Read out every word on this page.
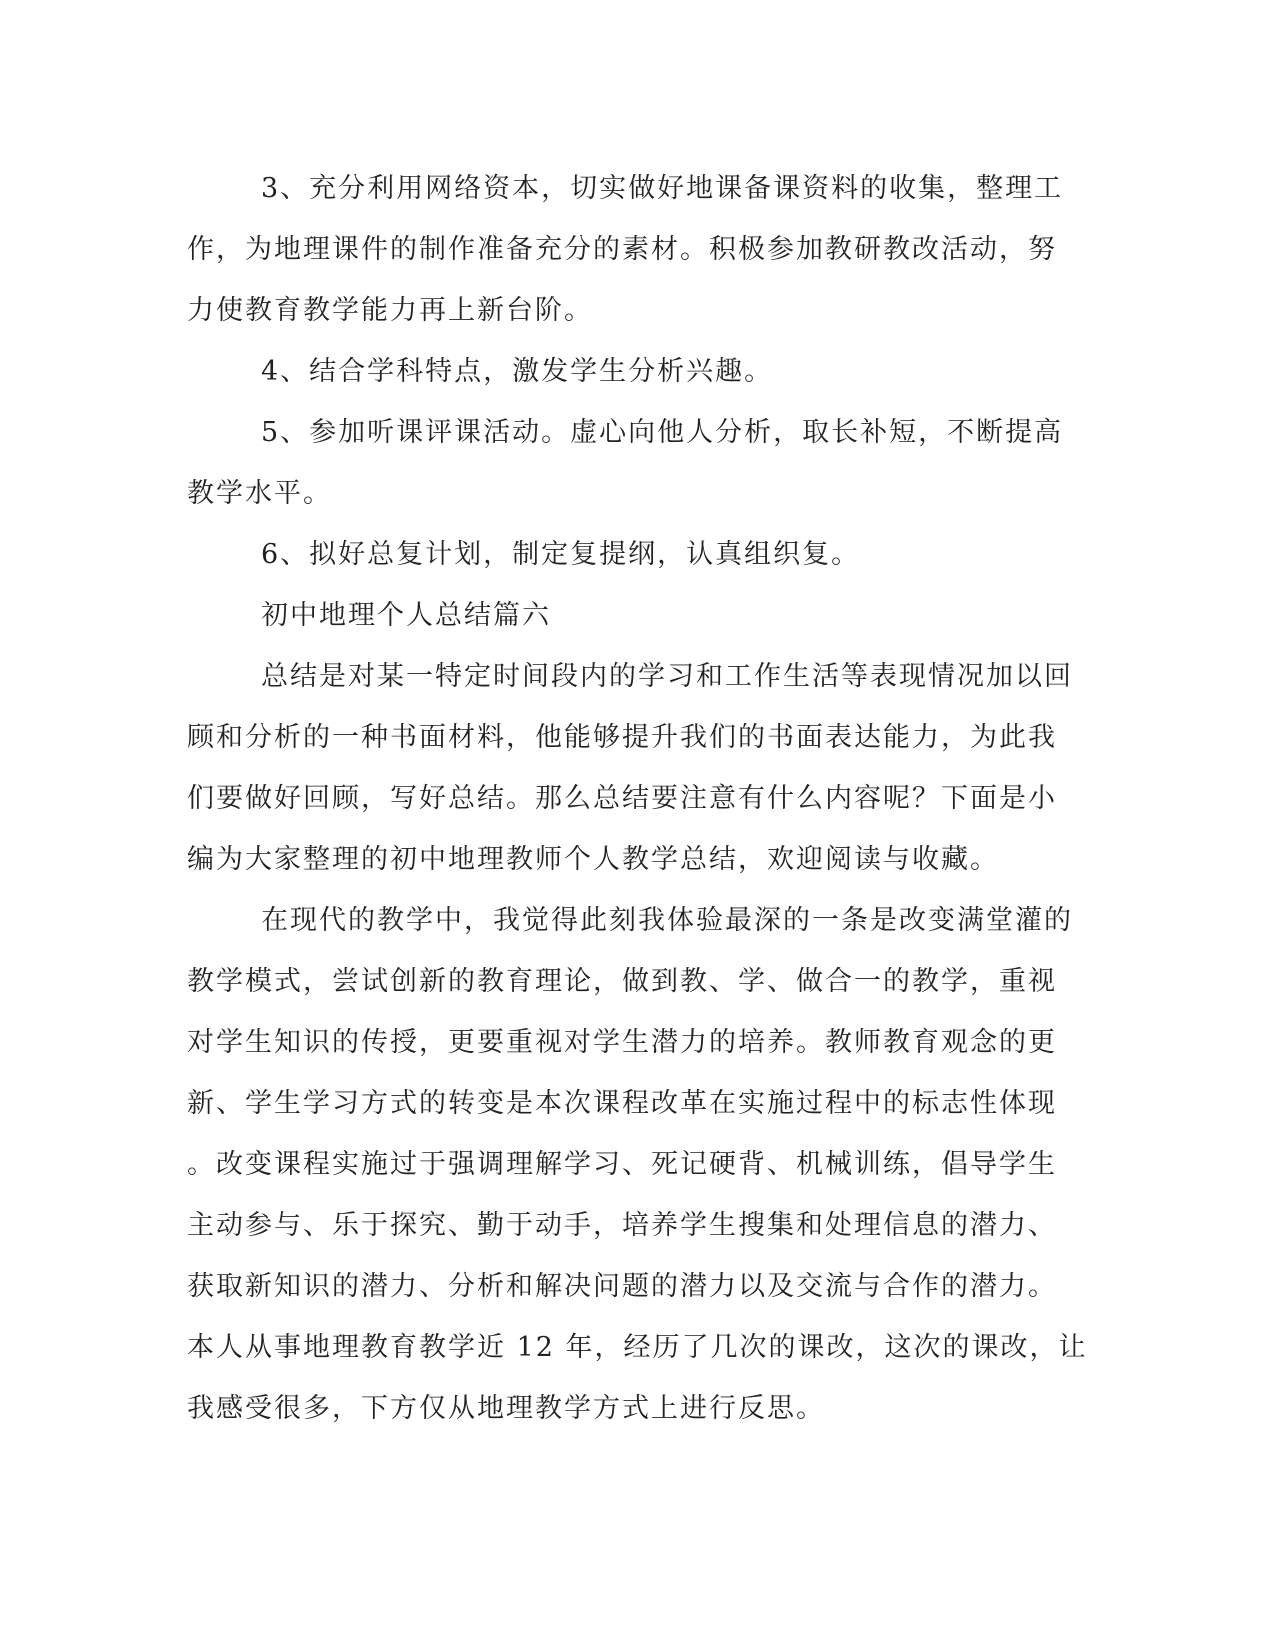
3、充分利用网络资本，切实做好地课备课资料的收集，整理工
作，为地理课件的制作准备充分的素材。积极参加教研教改活动，努
力使教育教学能力再上新台阶。
4、结合学科特点，激发学生分析兴趣。
5、参加听课评课活动。虚心向他人分析，取长补短，不断提高
教学水平。
6、拟好总复计划，制定复提纲，认真组织复。
初中地理个人总结篇六
总结是对某一特定时间段内的学习和工作生活等表现情况加以回
顾和分析的一种书面材料，他能够提升我们的书面表达能力，为此我
们要做好回顾，写好总结。那么总结要注意有什么内容呢？下面是小
编为大家整理的初中地理教师个人教学总结，欢迎阅读与收藏。
在现代的教学中，我觉得此刻我体验最深的一条是改变满堂灌的
教学模式，尝试创新的教育理论，做到教、学、做合一的教学，重视
对学生知识的传授，更要重视对学生潜力的培养。教师教育观念的更
新、学生学习方式的转变是本次课程改革在实施过程中的标志性体现
。改变课程实施过于强调理解学习、死记硬背、机械训练，倡导学生
主动参与、乐于探究、勤于动手，培养学生搜集和处理信息的潜力、
获取新知识的潜力、分析和解决问题的潜力以及交流与合作的潜力。
本人从事地理教育教学近 12 年，经历了几次的课改，这次的课改，让
我感受很多，下方仅从地理教学方式上进行反思。
